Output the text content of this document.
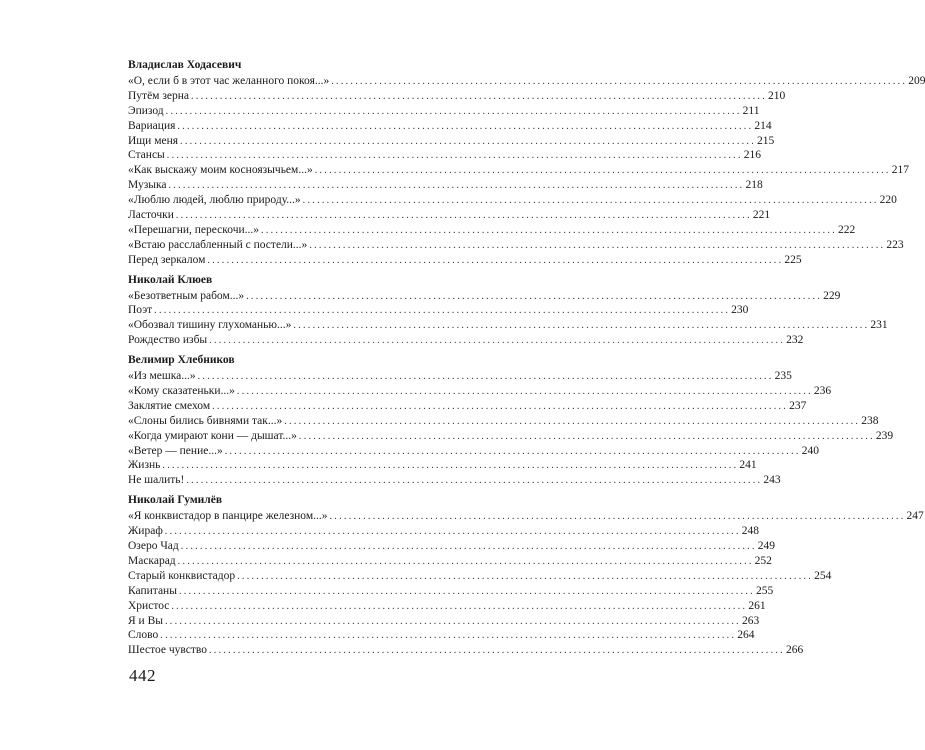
Владислав Ходасевич
«О, если б в этот час желанного покоя...» ........................................................................................................................ 209
Путём зерна ........................................................................................................................ 210
Эпизод ........................................................................................................................ 211
Вариация ........................................................................................................................ 214
Ищи меня ........................................................................................................................ 215
Стансы ........................................................................................................................ 216
«Как выскажу моим косноязычьем...» ........................................................................................................................ 217
Музыка ........................................................................................................................ 218
«Люблю людей, люблю природу...» ........................................................................................................................ 220
Ласточки ........................................................................................................................ 221
«Перешагни, перескочи...» ........................................................................................................................ 222
«Встаю расслабленный с постели...» ........................................................................................................................ 223
Перед зеркалом ........................................................................................................................ 225
Николай Клюев
«Безответным рабом...» ........................................................................................................................ 229
Поэт ........................................................................................................................ 230
«Обозвал тишину глухоманью...» ........................................................................................................................ 231
Рождество избы ........................................................................................................................ 232
Велимир Хлебников
«Из мешка...» ........................................................................................................................ 235
«Кому сказатеньки...» ........................................................................................................................ 236
Заклятие смехом ........................................................................................................................ 237
«Слоны бились бивнями так...» ........................................................................................................................ 238
«Когда умирают кони — дышат...» ........................................................................................................................ 239
«Ветер — пение...» ........................................................................................................................ 240
Жизнь ........................................................................................................................ 241
Не шалить! ........................................................................................................................ 243
Николай Гумилёв
«Я конквистадор в панцире железном...» ........................................................................................................................ 247
Жираф ........................................................................................................................ 248
Озеро Чад ........................................................................................................................ 249
Маскарад ........................................................................................................................ 252
Старый конквистадор ........................................................................................................................ 254
Капитаны ........................................................................................................................ 255
Христос ........................................................................................................................ 261
Я и Вы ........................................................................................................................ 263
Слово ........................................................................................................................ 264
Шестое чувство ........................................................................................................................ 266
442
